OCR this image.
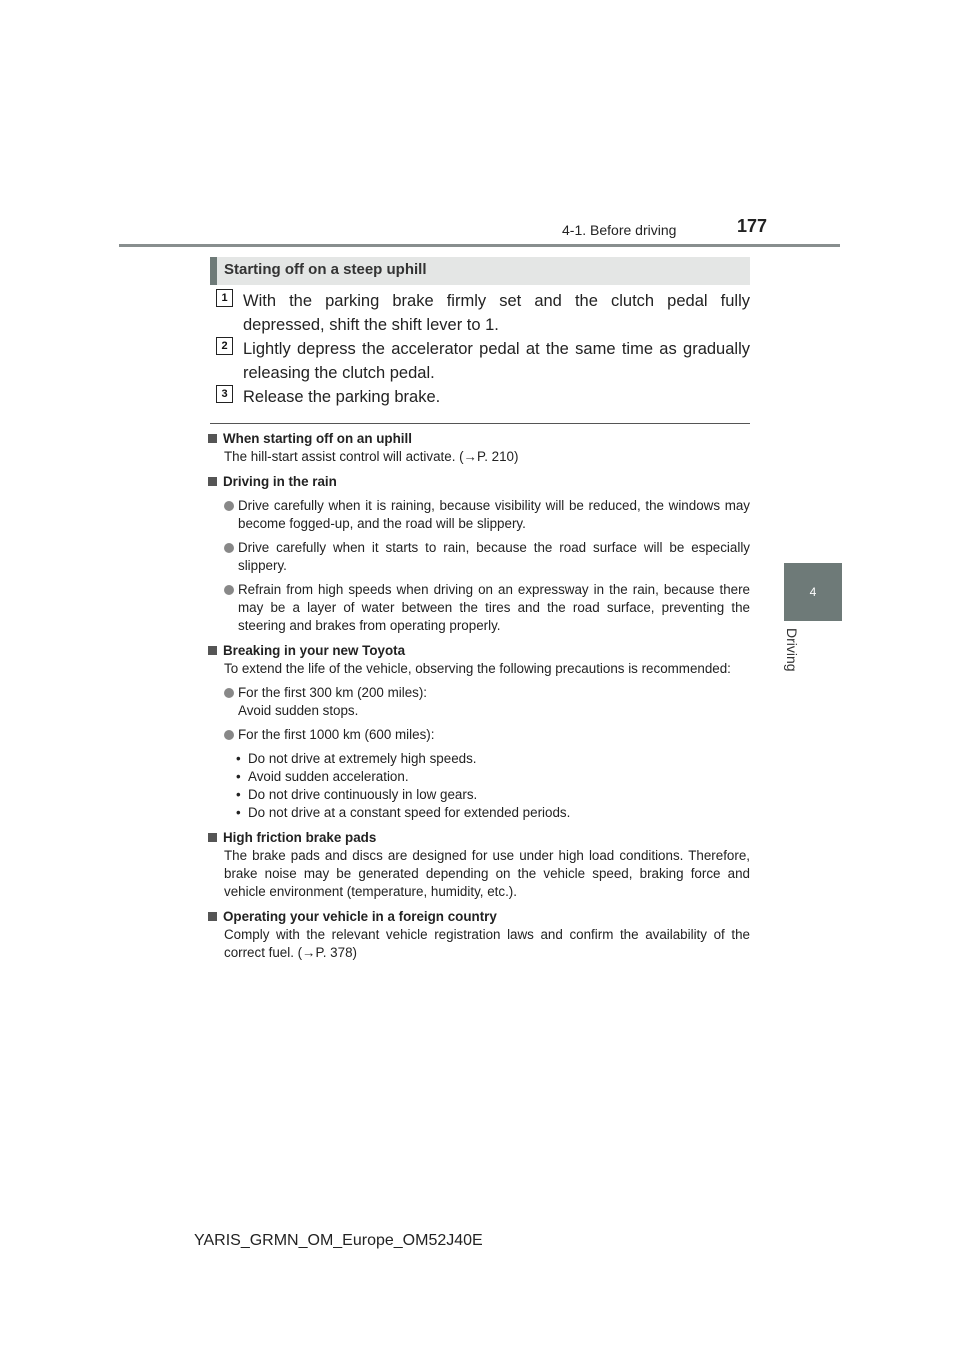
4-1. Before driving	177
4
Driving
Starting off on a steep uphill
1 With the parking brake firmly set and the clutch pedal fully depressed, shift the shift lever to 1.
2 Lightly depress the accelerator pedal at the same time as gradually releasing the clutch pedal.
3 Release the parking brake.
When starting off on an uphill
The hill-start assist control will activate. (→P. 210)
Driving in the rain
Drive carefully when it is raining, because visibility will be reduced, the windows may become fogged-up, and the road will be slippery.
Drive carefully when it starts to rain, because the road surface will be especially slippery.
Refrain from high speeds when driving on an expressway in the rain, because there may be a layer of water between the tires and the road surface, preventing the steering and brakes from operating properly.
Breaking in your new Toyota
To extend the life of the vehicle, observing the following precautions is recommended:
For the first 300 km (200 miles):
Avoid sudden stops.
For the first 1000 km (600 miles):
• Do not drive at extremely high speeds.
• Avoid sudden acceleration.
• Do not drive continuously in low gears.
• Do not drive at a constant speed for extended periods.
High friction brake pads
The brake pads and discs are designed for use under high load conditions. Therefore, brake noise may be generated depending on the vehicle speed, braking force and vehicle environment (temperature, humidity, etc.).
Operating your vehicle in a foreign country
Comply with the relevant vehicle registration laws and confirm the availability of the correct fuel. (→P. 378)
YARIS_GRMN_OM_Europe_OM52J40E
